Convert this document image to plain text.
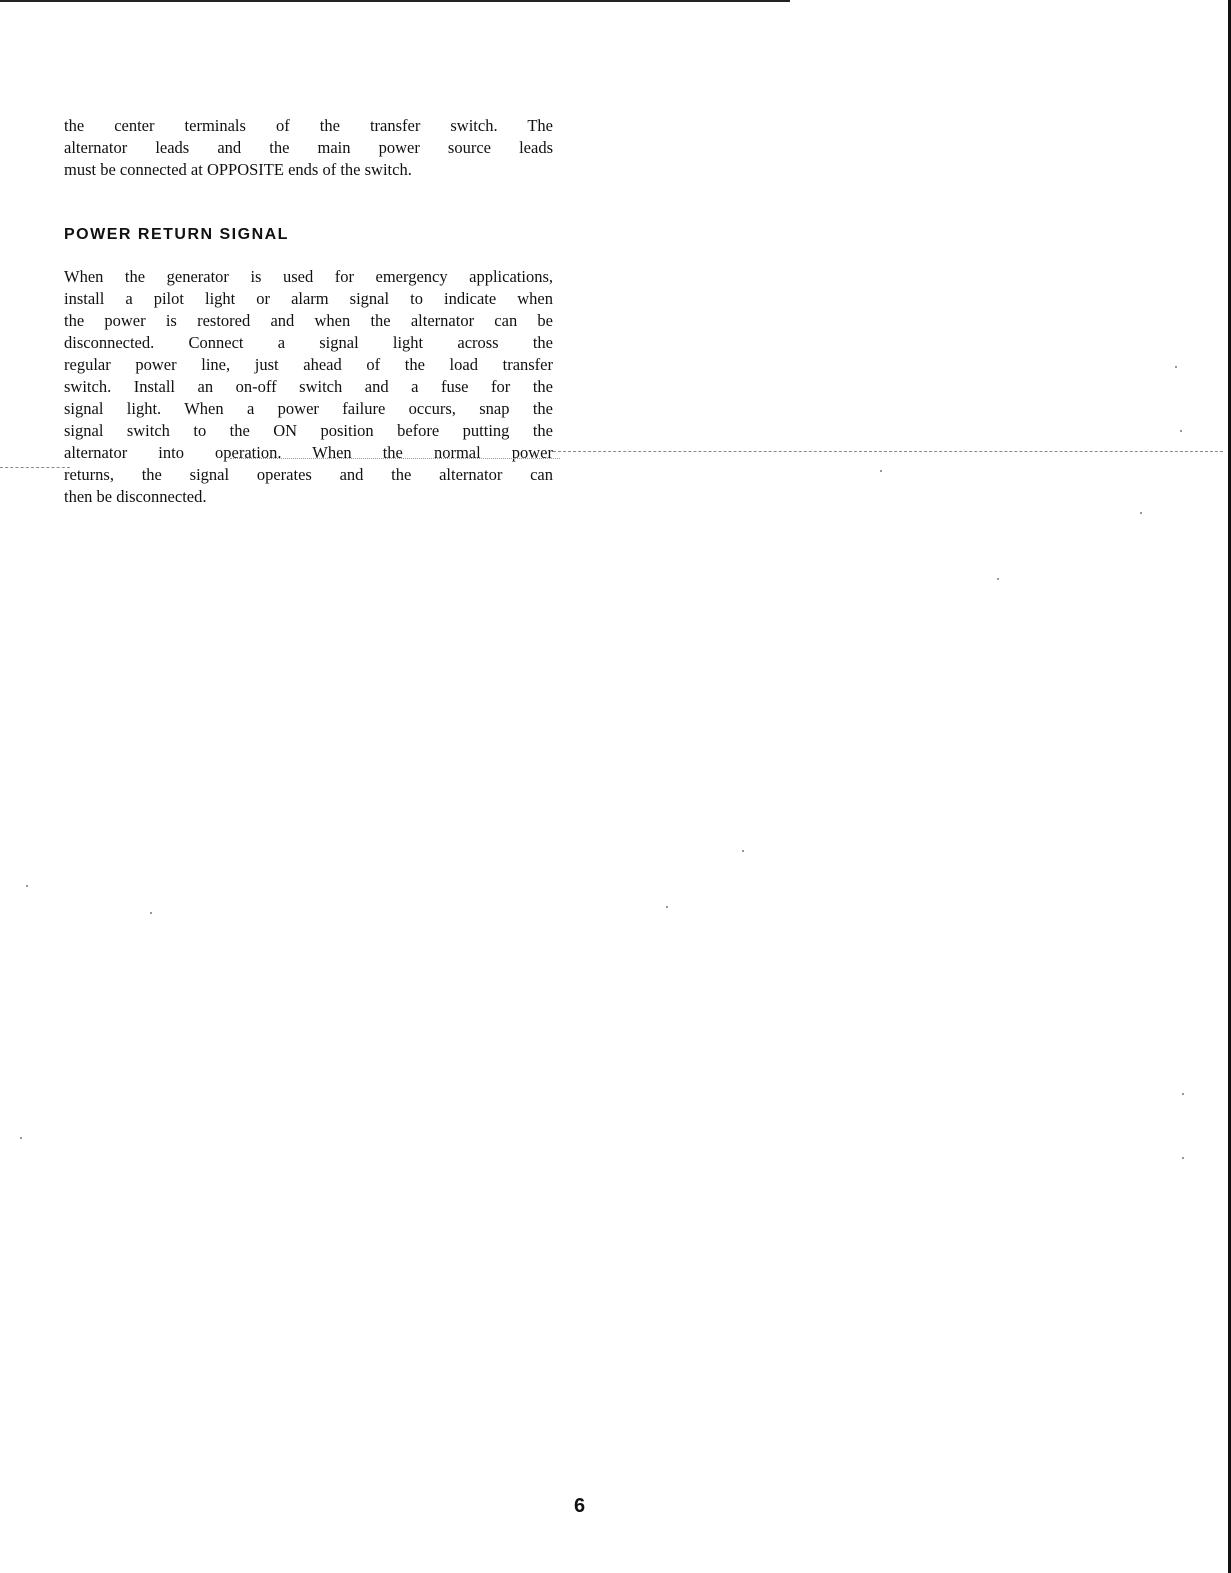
the center terminals of the transfer switch. The
alternator leads and the main power source leads
must be connected at OPPOSITE ends of the switch.
POWER RETURN SIGNAL
When the generator is used for emergency applications,
install a pilot light or alarm signal to indicate when
the power is restored and when the alternator can be
disconnected. Connect a signal light across the
regular power line, just ahead of the load transfer
switch. Install an on-off switch and a fuse for the
signal light. When a power failure occurs, snap the
signal switch to the ON position before putting the
alternator into operation. When the normal power
returns, the signal operates and the alternator can
then be disconnected.
6
